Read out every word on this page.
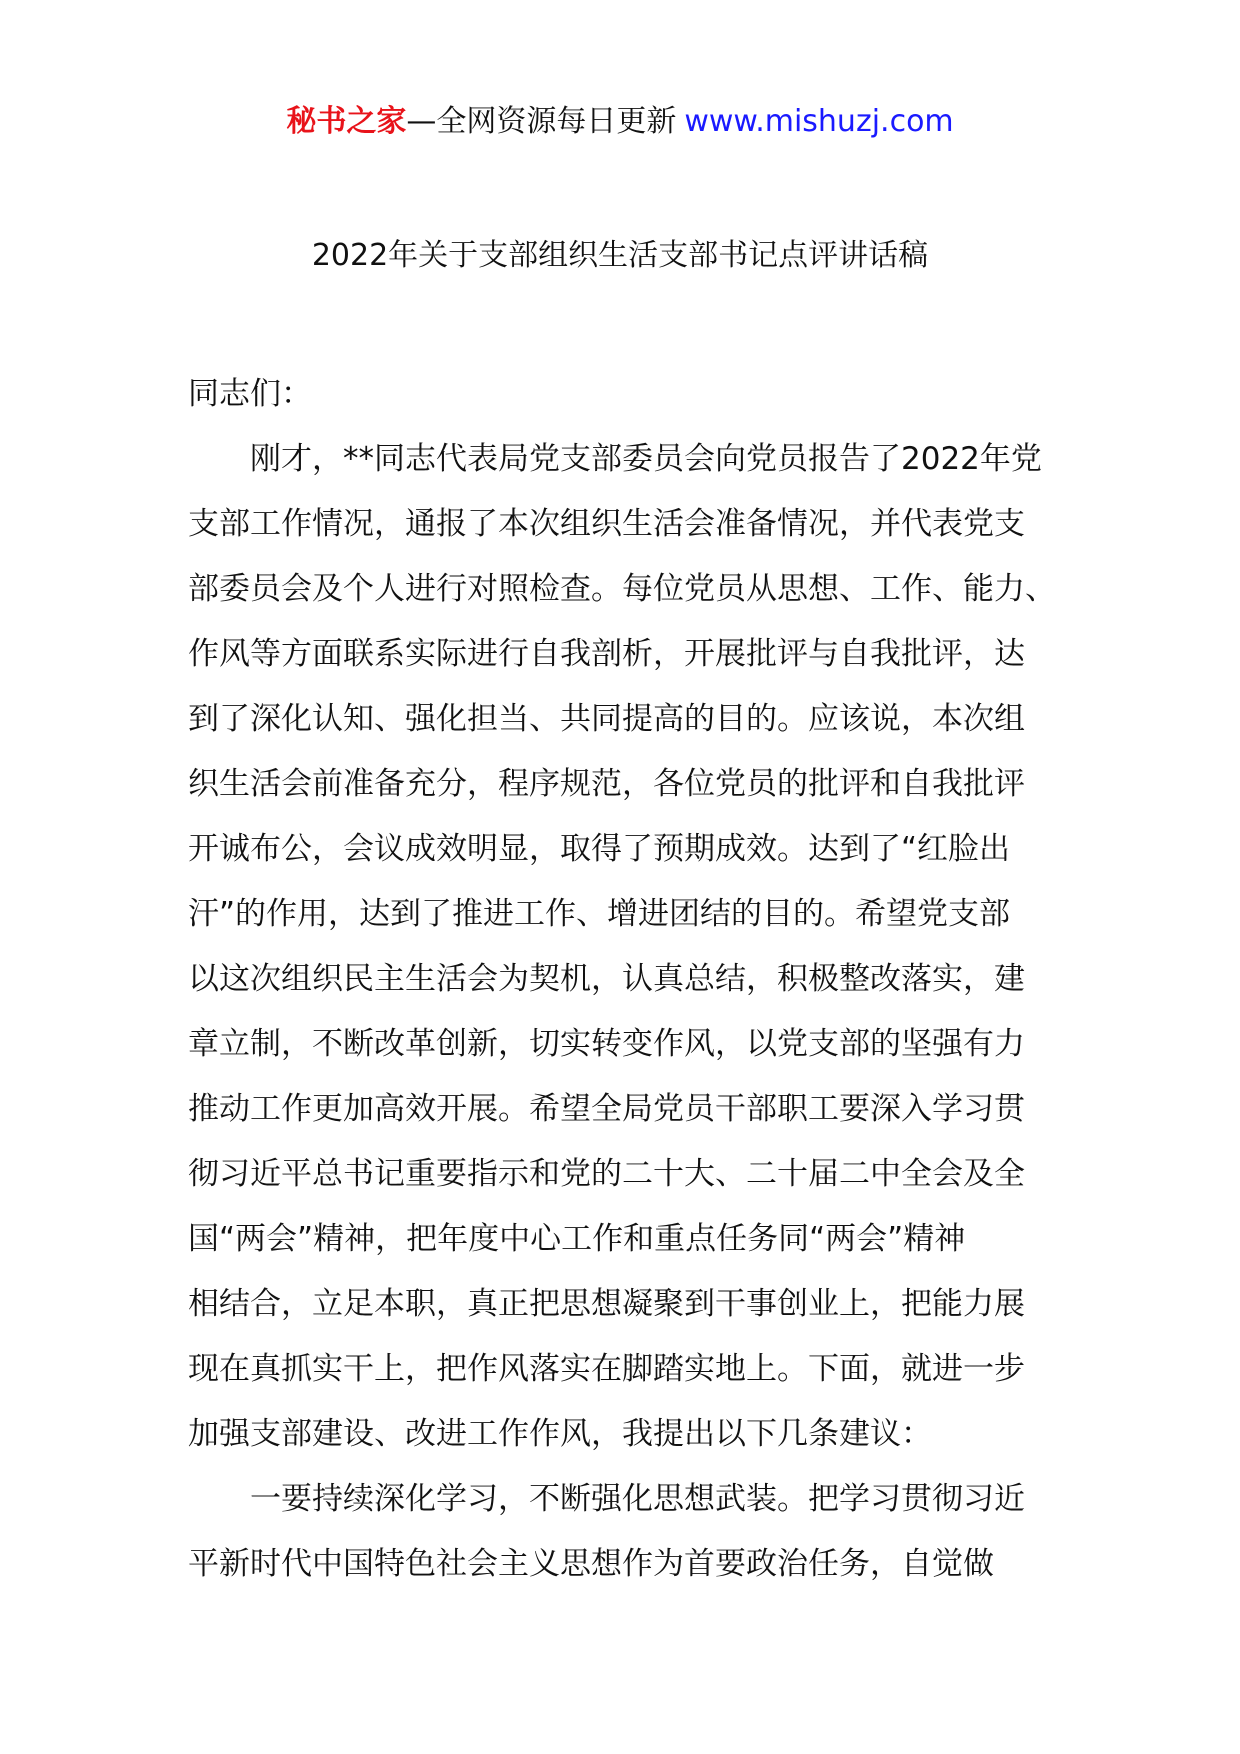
秘书之家—全网资源每日更新 www.mishuzj.com
2022年关于支部组织生活支部书记点评讲话稿

同志们：

刚才，**同志代表局党支部委员会向党员报告了2022年党
支部工作情况，通报了本次组织生活会准备情况，并代表党支
部委员会及个人进行对照检查。每位党员从思想、工作、能力、
作风等方面联系实际进行自我剖析，开展批评与自我批评，达
到了深化认知、强化担当、共同提高的目的。应该说，本次组
织生活会前准备充分，程序规范，各位党员的批评和自我批评
开诚布公，会议成效明显，取得了预期成效。达到了“红脸出
汗”的作用，达到了推进工作、增进团结的目的。希望党支部
以这次组织民主生活会为契机，认真总结，积极整改落实，建
章立制，不断改革创新，切实转变作风，以党支部的坚强有力
推动工作更加高效开展。希望全局党员干部职工要深入学习贯
彻习近平总书记重要指示和党的二十大、二十届二中全会及全
国“两会”精神，把年度中心工作和重点任务同“两会”精神
相结合，立足本职，真正把思想凝聚到干事创业上，把能力展
现在真抓实干上，把作风落实在脚踏实地上。下面，就进一步
加强支部建设、改进工作作风，我提出以下几条建议：
一要持续深化学习，不断强化思想武装。把学习贯彻习近
平新时代中国特色社会主义思想作为首要政治任务，自觉做
